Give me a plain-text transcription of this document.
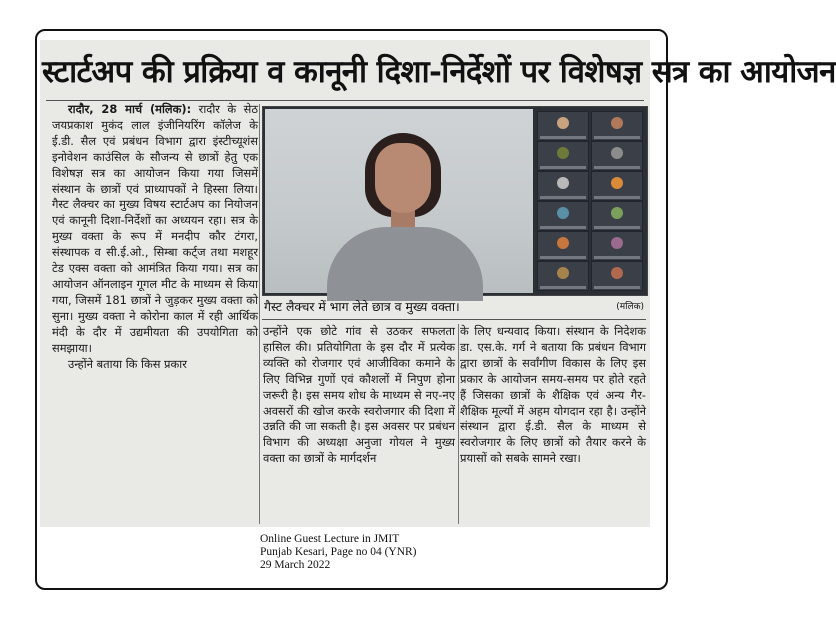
स्टार्टअप की प्रक्रिया व कानूनी दिशा-निर्देशों पर विशेषज्ञ सत्र का आयोजन

रादौर, 28 मार्च (मलिक): रादौर के सेठ जयप्रकाश मुकंद लाल इंजीनियरिंग कॉलेज के ई.डी. सैल एवं प्रबंधन विभाग द्वारा इंस्टीच्यूशंस इनोवेशन काउंसिल के सौजन्य से छात्रों हेतु एक विशेषज्ञ सत्र का आयोजन किया गया जिसमें संस्थान के छात्रों एवं प्राध्यापकों ने हिस्सा लिया। गैस्ट लैक्चर का मुख्य विषय स्टार्टअप का नियोजन एवं कानूनी दिशा-निर्देशों का अध्ययन रहा। सत्र के मुख्य वक्ता के रूप में मनदीप कौर टंगरा, संस्थापक व सी.ई.ओ., सिम्बा कर्ट्ज तथा मशहूर टेड एक्स वक्ता को आमंत्रित किया गया। सत्र का आयोजन ऑनलाइन गूगल मीट के माध्यम से किया गया, जिसमें 181 छात्रों ने जुड़कर मुख्य वक्ता को सुना। मुख्य वक्ता ने कोरोना काल में रही आर्थिक मंदी के दौर में उद्यमीयता की उपयोगिता को समझाया।

उन्होंने बताया कि किस प्रकार

गैस्ट लैक्चर में भाग लेते छात्र व मुख्य वक्ता।	(मलिक)

उन्होंने एक छोटे गांव से उठकर सफलता हासिल की। प्रतियोगिता के इस दौर में प्रत्येक व्यक्ति को रोजगार एवं आजीविका कमाने के लिए विभिन्न गुणों एवं कौशलों में निपुण होना जरूरी है। इस समय शोध के माध्यम से नए-नए अवसरों की खोज करके स्वरोजगार की दिशा में उन्नति की जा सकती है। इस अवसर पर प्रबंधन विभाग की अध्यक्षा अनुजा गोयल ने मुख्य वक्ता का छात्रों के मार्गदर्शन

के लिए धन्यवाद किया। संस्थान के निदेशक डा. एस.के. गर्ग ने बताया कि प्रबंधन विभाग द्वारा छात्रों के सर्वांगीण विकास के लिए इस प्रकार के आयोजन समय-समय पर होते रहते हैं जिसका छात्रों के शैक्षिक एवं अन्य गैर-शैक्षिक मूल्यों में अहम योगदान रहा है। उन्होंने संस्थान द्वारा ई.डी. सैल के माध्यम से स्वरोजगार के लिए छात्रों को तैयार करने के प्रयासों को सबके सामने रखा।

Online Guest Lecture in JMIT
Punjab Kesari, Page no 04 (YNR)
29 March 2022
